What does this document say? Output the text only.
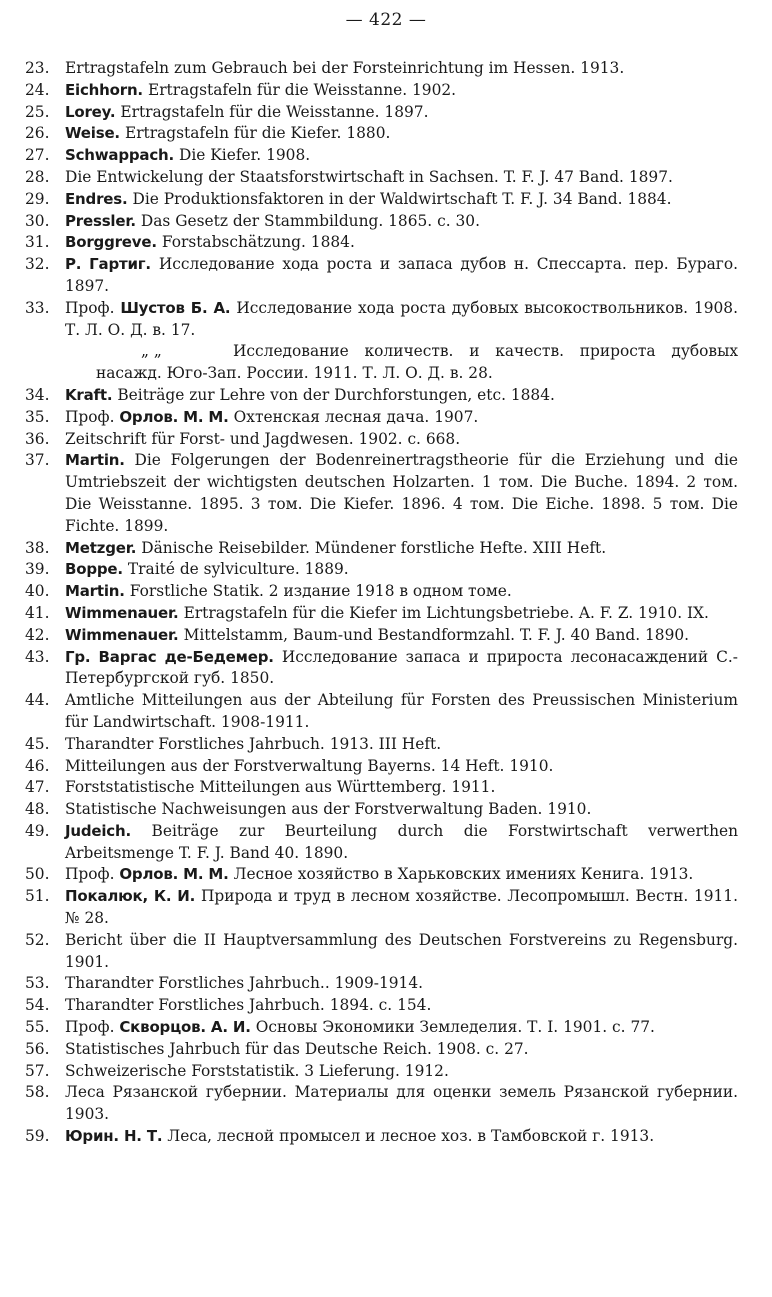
— 422 —
23. Ertragstafeln zum Gebrauch bei der Forsteinrichtung im Hessen. 1913.
24. Eichhorn. Ertragstafeln für die Weisstanne. 1902.
25. Lorey. Ertragstafeln für die Weisstanne. 1897.
26. Weise. Ertragstafeln für die Kiefer. 1880.
27. Schwappach. Die Kiefer. 1908.
28. Die Entwickelung der Staatsforstwirtschaft in Sachsen. T. F. J. 47 Band. 1897.
29. Endres. Die Produktionsfaktoren in der Waldwirtschaft T. F. J. 34 Band. 1884.
30. Pressler. Das Gesetz der Stammbildung. 1865. c. 30.
31. Borggreve. Forstabschätzung. 1884.
32. Р. Гартиг. Исследование хода роста и запаса дубов н. Спессарта. пер. Бураго. 1897.
33. Проф. Шустов Б. А. Исследование хода роста дубовых высокоствольников. 1908. Т. Л. О. Д. в. 17.
„ „	Исследование количеств. и качеств. прироста дубовых насажд. Юго-Зап. России. 1911. Т. Л. О. Д. в. 28.
34. Kraft. Beiträge zur Lehre von der Durchforstungen, etc. 1884.
35. Проф. Орлов. М. М. Охтенская лесная дача. 1907.
36. Zeitschrift für Forst- und Jagdwesen. 1902. c. 668.
37. Martin. Die Folgerungen der Bodenreinertragstheorie für die Erziehung und die Umtriebszeit der wichtigsten deutschen Holzarten. 1 том. Die Buche. 1894. 2 том. Die Weisstanne. 1895. 3 том. Die Kiefer. 1896. 4 том. Die Eiche. 1898. 5 том. Die Fichte. 1899.
38. Metzger. Dänische Reisebilder. Mündener forstliche Hefte. XIII Heft.
39. Boppe. Traité de sylviculture. 1889.
40. Martin. Forstliche Statik. 2 издание 1918 в одном томе.
41. Wimmenauer. Ertragstafeln für die Kiefer im Lichtungsbetriebe. A. F. Z. 1910. IX.
42. Wimmenauer. Mittelstamm, Baum-und Bestandformzahl. T. F. J. 40 Band. 1890.
43. Гр. Варгас де-Бедемер. Исследование запаса и прироста лесонасаждений С.-Петербургской губ. 1850.
44. Amtliche Mitteilungen aus der Abteilung für Forsten des Preussischen Ministerium für Landwirtschaft. 1908-1911.
45. Tharandter Forstliches Jahrbuch. 1913. III Heft.
46. Mitteilungen aus der Forstverwaltung Bayerns. 14 Heft. 1910.
47. Forststatistische Mitteilungen aus Württemberg. 1911.
48. Statistische Nachweisungen aus der Forstverwaltung Baden. 1910.
49. Judeich. Beiträge zur Beurteilung durch die Forstwirtschaft verwerthen Arbeitsmenge T. F. J. Band 40. 1890.
50. Проф. Орлов. М. М. Лесное хозяйство в Харьковских имениях Кенига. 1913.
51. Покалюк, К. И. Природа и труд в лесном хозяйстве. Лесопромышл. Вестн. 1911. № 28.
52. Bericht über die II Hauptversammlung des Deutschen Forstvereins zu Regensburg. 1901.
53. Tharandter Forstliches Jahrbuch.. 1909-1914.
54. Tharandter Forstliches Jahrbuch. 1894. c. 154.
55. Проф. Скворцов. А. И. Основы Экономики Земледелия. Т. I. 1901. с. 77.
56. Statistisches Jahrbuch für das Deutsche Reich. 1908. c. 27.
57. Schweizerische Forststatistik. 3 Lieferung. 1912.
58. Леса Рязанской губернии. Материалы для оценки земель Рязанской губернии. 1903.
59. Юрин. Н. Т. Леса, лесной промысел и лесное хоз. в Тамбовской г. 1913.
